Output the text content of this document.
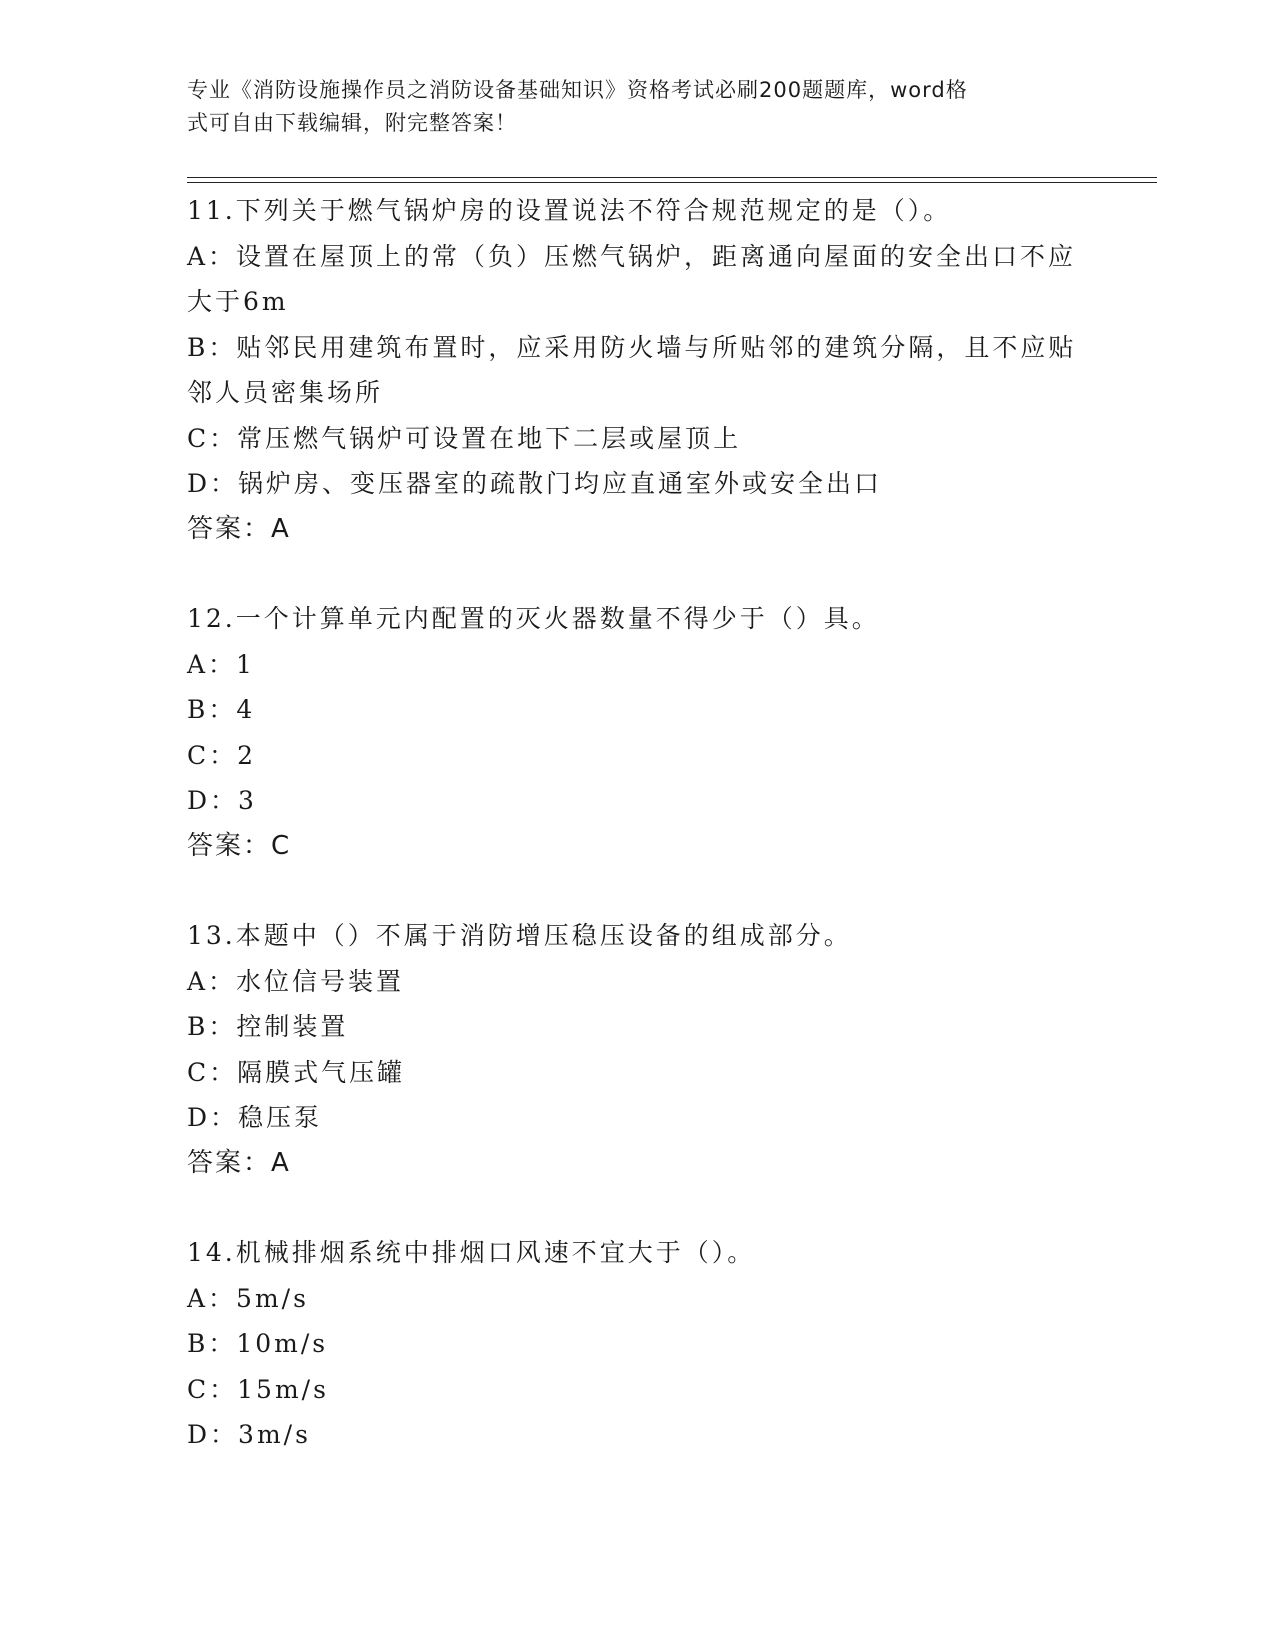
专业《消防设施操作员之消防设备基础知识》资格考试必刷200题题库，word格
式可自由下载编辑，附完整答案！
11.下列关于燃气锅炉房的设置说法不符合规范规定的是（）。
A：设置在屋顶上的常（负）压燃气锅炉，距离通向屋面的安全出口不应大于6m
B：贴邻民用建筑布置时，应采用防火墙与所贴邻的建筑分隔，且不应贴邻人员密集场所
C：常压燃气锅炉可设置在地下二层或屋顶上
D：锅炉房、变压器室的疏散门均应直通室外或安全出口
答案：A
12.一个计算单元内配置的灭火器数量不得少于（）具。
A：1
B：4
C：2
D：3
答案：C
13.本题中（）不属于消防增压稳压设备的组成部分。
A：水位信号装置
B：控制装置
C：隔膜式气压罐
D：稳压泵
答案：A
14.机械排烟系统中排烟口风速不宜大于（）。
A：5m/s
B：10m/s
C：15m/s
D：3m/s
